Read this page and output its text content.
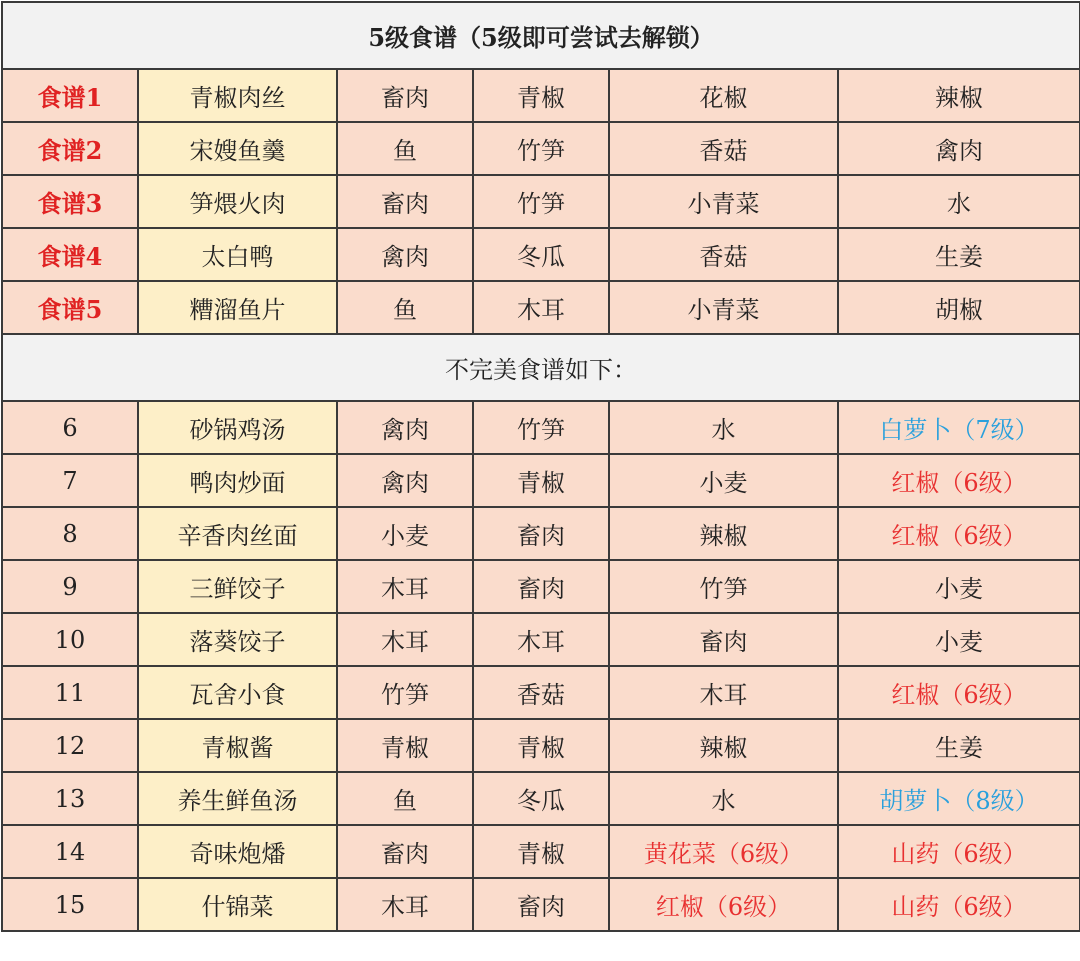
5级食谱（5级即可尝试去解锁）					
食谱1	青椒肉丝	畜肉	青椒	花椒	辣椒
食谱2	宋嫂鱼羹	鱼	竹笋	香菇	禽肉
食谱3	笋煨火肉	畜肉	竹笋	小青菜	水
食谱4	太白鸭	禽肉	冬瓜	香菇	生姜
食谱5	糟溜鱼片	鱼	木耳	小青菜	胡椒
不完美食谱如下：					
6	砂锅鸡汤	禽肉	竹笋	水	白萝卜（7级）
7	鸭肉炒面	禽肉	青椒	小麦	红椒（6级）
8	辛香肉丝面	小麦	畜肉	辣椒	红椒（6级）
9	三鲜饺子	木耳	畜肉	竹笋	小麦
10	落葵饺子	木耳	木耳	畜肉	小麦
11	瓦舍小食	竹笋	香菇	木耳	红椒（6级）
12	青椒酱	青椒	青椒	辣椒	生姜
13	养生鲜鱼汤	鱼	冬瓜	水	胡萝卜（8级）
14	奇味炮燔	畜肉	青椒	黄花菜（6级）	山药（6级）
15	什锦菜	木耳	畜肉	红椒（6级）	山药（6级）
